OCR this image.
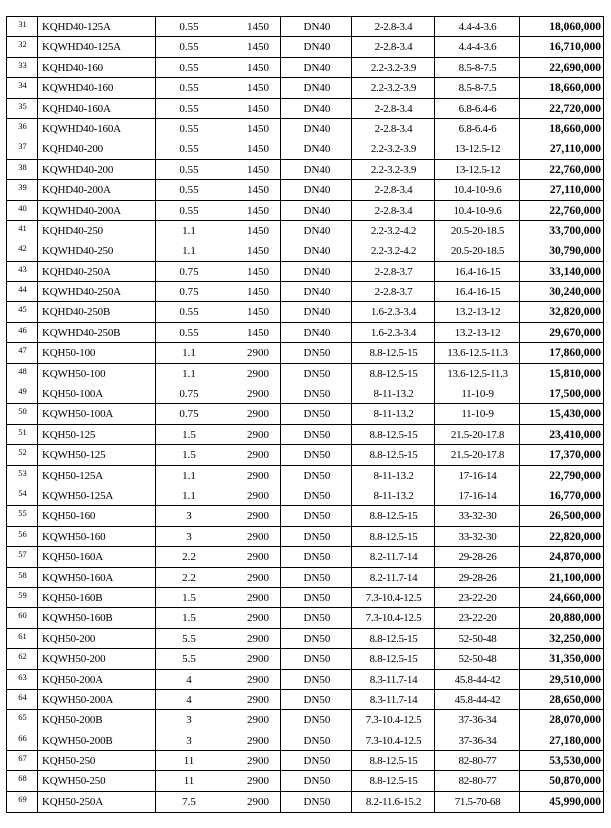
31	KQHD40-125A	0.55	1450	DN40	2-2.8-3.4	4.4-4-3.6	18,060,000
32	KQWHD40-125A	0.55	1450	DN40	2-2.8-3.4	4.4-4-3.6	16,710,000
33	KQHD40-160	0.55	1450	DN40	2.2-3.2-3.9	8.5-8-7.5	22,690,000
34	KQWHD40-160	0.55	1450	DN40	2.2-3.2-3.9	8.5-8-7.5	18,660,000
35	KQHD40-160A	0.55	1450	DN40	2-2.8-3.4	6.8-6.4-6	22,720,000
36	KQWHD40-160A	0.55	1450	DN40	2-2.8-3.4	6.8-6.4-6	18,660,000
37	KQHD40-200	0.55	1450	DN40	2.2-3.2-3.9	13-12.5-12	27,110,000
38	KQWHD40-200	0.55	1450	DN40	2.2-3.2-3.9	13-12.5-12	22,760,000
39	KQHD40-200A	0.55	1450	DN40	2-2.8-3.4	10.4-10-9.6	27,110,000
40	KQWHD40-200A	0.55	1450	DN40	2-2.8-3.4	10.4-10-9.6	22,760,000
41	KQHD40-250	1.1	1450	DN40	2.2-3.2-4.2	20.5-20-18.5	33,700,000
42	KQWHD40-250	1.1	1450	DN40	2.2-3.2-4.2	20.5-20-18.5	30,790,000
43	KQHD40-250A	0.75	1450	DN40	2-2.8-3.7	16.4-16-15	33,140,000
44	KQWHD40-250A	0.75	1450	DN40	2-2.8-3.7	16.4-16-15	30,240,000
45	KQHD40-250B	0.55	1450	DN40	1.6-2.3-3.4	13.2-13-12	32,820,000
46	KQWHD40-250B	0.55	1450	DN40	1.6-2.3-3.4	13.2-13-12	29,670,000
47	KQH50-100	1.1	2900	DN50	8.8-12.5-15	13.6-12.5-11.3	17,860,000
48	KQWH50-100	1.1	2900	DN50	8.8-12.5-15	13.6-12.5-11.3	15,810,000
49	KQH50-100A	0.75	2900	DN50	8-11-13.2	11-10-9	17,500,000
50	KQWH50-100A	0.75	2900	DN50	8-11-13.2	11-10-9	15,430,000
51	KQH50-125	1.5	2900	DN50	8.8-12.5-15	21.5-20-17.8	23,410,000
52	KQWH50-125	1.5	2900	DN50	8.8-12.5-15	21.5-20-17.8	17,370,000
53	KQH50-125A	1.1	2900	DN50	8-11-13.2	17-16-14	22,790,000
54	KQWH50-125A	1.1	2900	DN50	8-11-13.2	17-16-14	16,770,000
55	KQH50-160	3	2900	DN50	8.8-12.5-15	33-32-30	26,500,000
56	KQWH50-160	3	2900	DN50	8.8-12.5-15	33-32-30	22,820,000
57	KQH50-160A	2.2	2900	DN50	8.2-11.7-14	29-28-26	24,870,000
58	KQWH50-160A	2.2	2900	DN50	8.2-11.7-14	29-28-26	21,100,000
59	KQH50-160B	1.5	2900	DN50	7.3-10.4-12.5	23-22-20	24,660,000
60	KQWH50-160B	1.5	2900	DN50	7.3-10.4-12.5	23-22-20	20,880,000
61	KQH50-200	5.5	2900	DN50	8.8-12.5-15	52-50-48	32,250,000
62	KQWH50-200	5.5	2900	DN50	8.8-12.5-15	52-50-48	31,350,000
63	KQH50-200A	4	2900	DN50	8.3-11.7-14	45.8-44-42	29,510,000
64	KQWH50-200A	4	2900	DN50	8.3-11.7-14	45.8-44-42	28,650,000
65	KQH50-200B	3	2900	DN50	7.3-10.4-12.5	37-36-34	28,070,000
66	KQWH50-200B	3	2900	DN50	7.3-10.4-12.5	37-36-34	27,180,000
67	KQH50-250	11	2900	DN50	8.8-12.5-15	82-80-77	53,530,000
68	KQWH50-250	11	2900	DN50	8.8-12.5-15	82-80-77	50,870,000
69	KQH50-250A	7.5	2900	DN50	8.2-11.6-15.2	71.5-70-68	45,990,000
